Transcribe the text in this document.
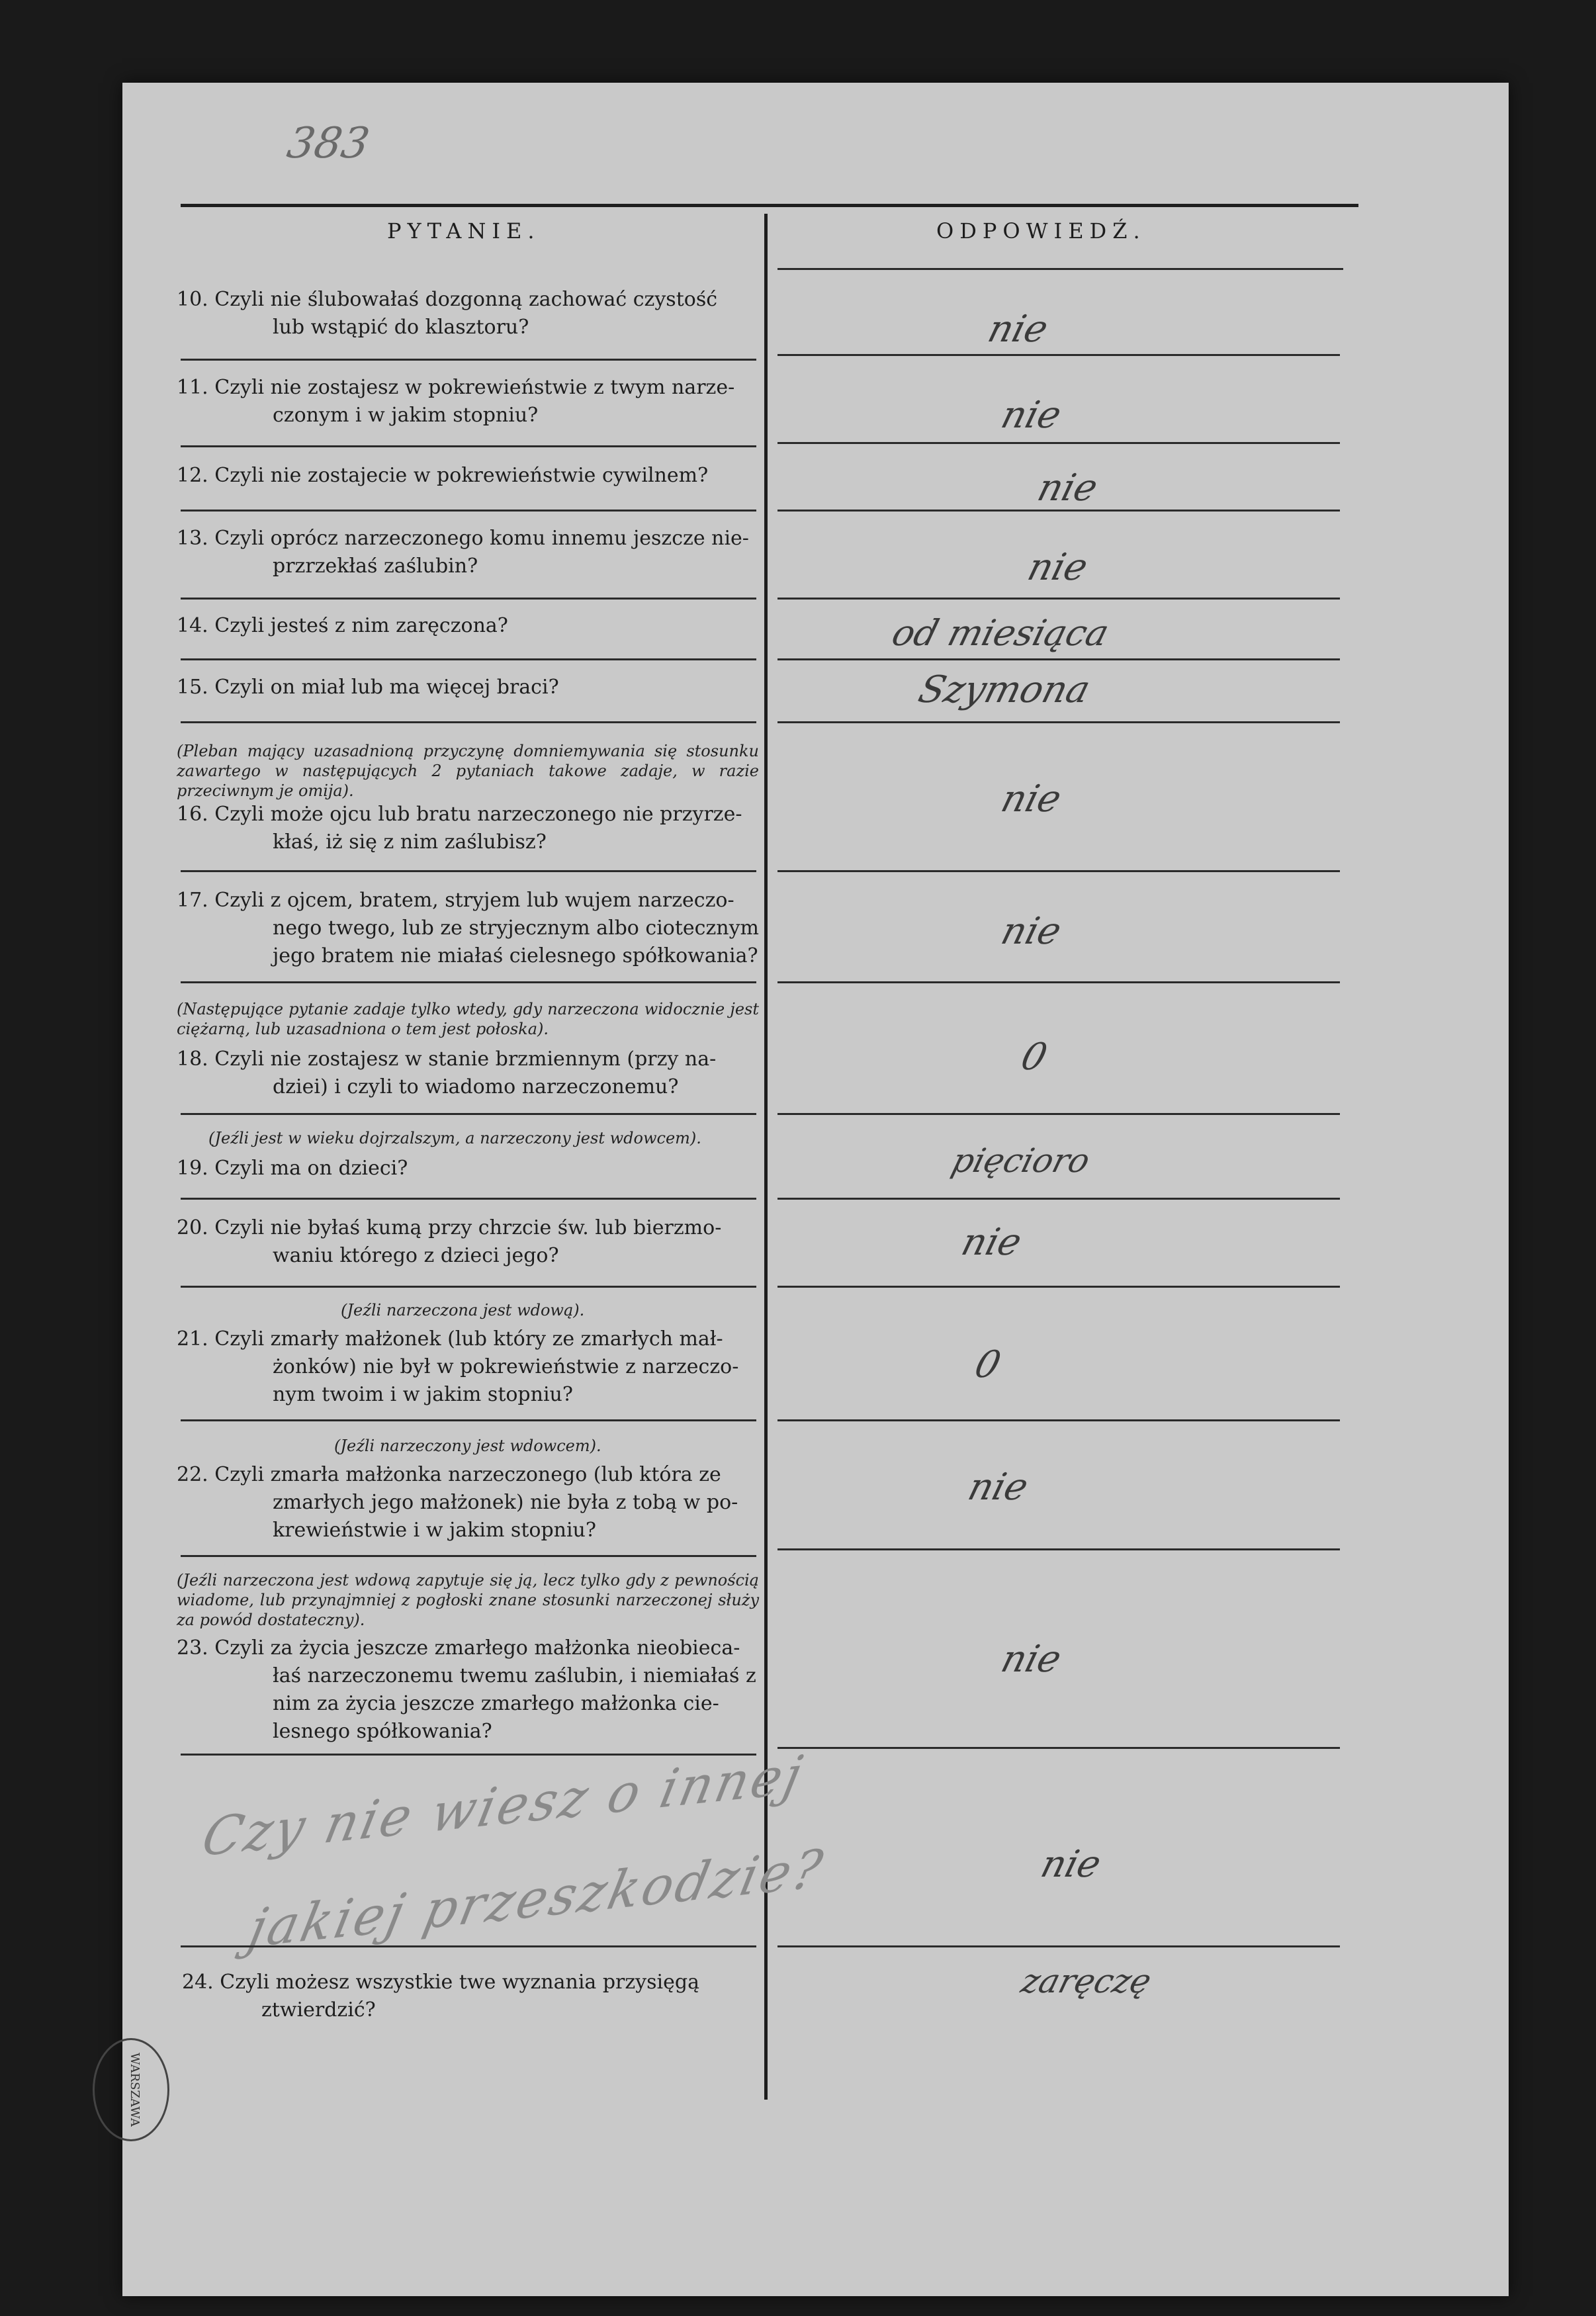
383
PYTANIE.	ODPOWIEDŹ.
10. Czyli nie ślubowałaś dozgonną zachować czystość
lub wstąpić do klasztoru?	nie
11. Czyli nie zostajesz w pokrewieństwie z twym narze-
czonym i w jakim stopniu?	nie
12. Czyli nie zostajecie w pokrewieństwie cywilnem?	nie
13. Czyli oprócz narzeczonego komu innemu jeszcze nie-
przrzekłaś zaślubin?	nie
14. Czyli jesteś z nim zaręczona?	od miesiąca
15. Czyli on miał lub ma więcej braci?	Szymona
(Pleban mający uzasadnioną przyczynę domniemywania się stosunku zawartego w następujących 2 pytaniach takowe zadaje, w razie przeciwnym je omija).
16. Czyli może ojcu lub bratu narzeczonego nie przyrze-
kłaś, iż się z nim zaślubisz?
nie
17. Czyli z ojcem, bratem, stryjem lub wujem narzeczo-
nego twego, lub ze stryjecznym albo ciotecznym jego bratem nie miałaś cielesnego spółkowania?
nie
(Następujące pytanie zadaje tylko wtedy, gdy narzeczona widocznie jest ciężarną, lub uzasadniona o tem jest połoska).
18. Czyli nie zostajesz w stanie brzmiennym (przy na-
dziei) i czyli to wiadomo narzeczonemu?
0
(Jeźli jest w wieku dojrzalszym, a narzeczony jest wdowcem).
19. Czyli ma on dzieci?	pięcioro
20. Czyli nie byłaś kumą przy chrzcie św. lub bierzmo-
waniu którego z dzieci jego?	nie
(Jeźli narzeczona jest wdową).
21. Czyli zmarły małżonek (lub który ze zmarłych mał-
żonków) nie był w pokrewieństwie z narzeczo- nym twoim i w jakim stopniu?
0
(Jeźli narzeczony jest wdowcem).
22. Czyli zmarła małżonka narzeczonego (lub która ze
zmarłych jego małżonek) nie była z tobą w po- krewieństwie i w jakim stopniu?
nie
(Jeźli narzeczona jest wdową zapytuje się ją, lecz tylko gdy z pewnością wiadome, lub przynajmniej z pogłoski znane stosunki narzeczonej służy za powód dostateczny).
23. Czyli za życia jeszcze zmarłego małżonka nieobieca-
łaś narzeczonemu twemu zaślubin, i niemiałaś z nim za życia jeszcze zmarłego małżonka cie- lesnego spółkowania?
nie
Czy nie wiesz o innej
jakiej przeszkodzie?	nie
24. Czyli możesz wszystkie twe wyznania przysięgą
ztwierdzić?
zaręczę
WARSZAWA
